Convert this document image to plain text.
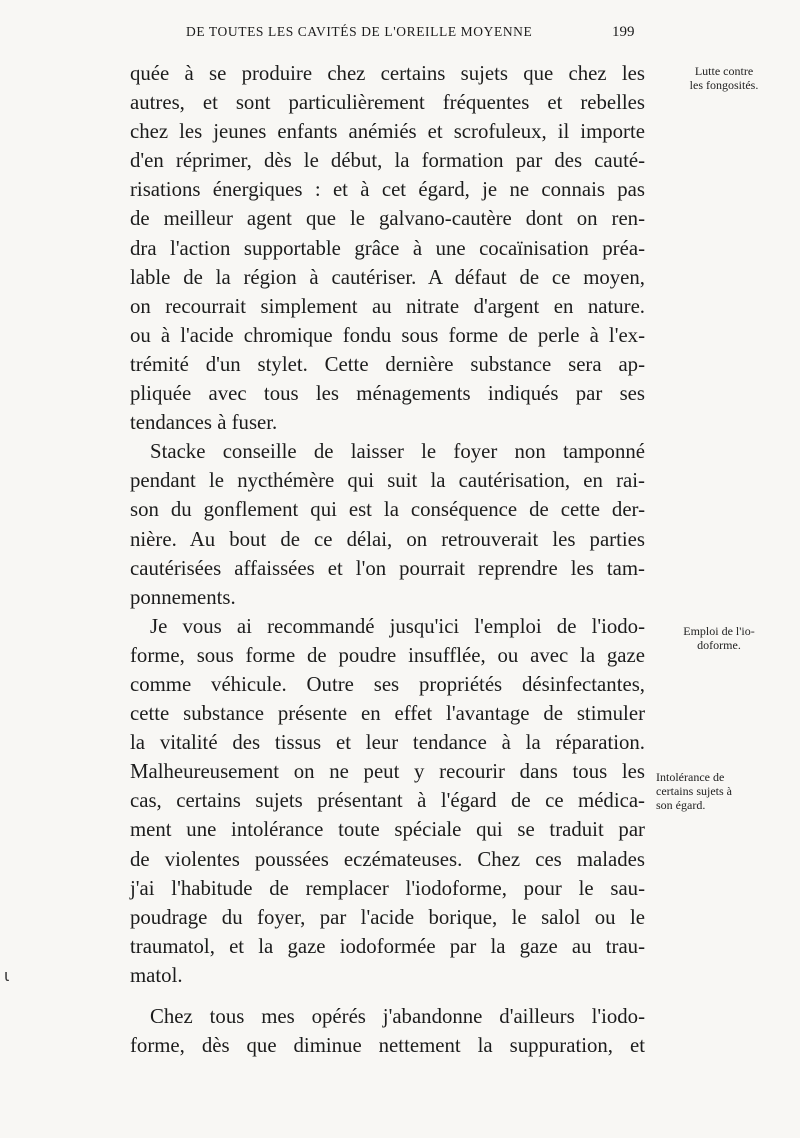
DE TOUTES LES CAVITÉS DE L'OREILLE MOYENNE	199
quée à se produire chez certains sujets que chez les
autres, et sont particulièrement fréquentes et rebelles
chez les jeunes enfants anémiés et scrofuleux, il importe
d'en réprimer, dès le début, la formation par des cauté-
risations énergiques : et à cet égard, je ne connais pas
de meilleur agent que le galvano-cautère dont on ren-
dra l'action supportable grâce à une cocaïnisation préa-
lable de la région à cautériser. A défaut de ce moyen,
on recourrait simplement au nitrate d'argent en nature.
ou à l'acide chromique fondu sous forme de perle à l'ex-
trémité d'un stylet. Cette dernière substance sera ap-
pliquée avec tous les ménagements indiqués par ses
tendances à fuser.
Stacke conseille de laisser le foyer non tamponné
pendant le nycthémère qui suit la cautérisation, en rai-
son du gonflement qui est la conséquence de cette der-
nière. Au bout de ce délai, on retrouverait les parties
cautérisées affaissées et l'on pourrait reprendre les tam-
ponnements.
Je vous ai recommandé jusqu'ici l'emploi de l'iodo-
forme, sous forme de poudre insufflée, ou avec la gaze
comme véhicule. Outre ses propriétés désinfectantes,
cette substance présente en effet l'avantage de stimuler
la vitalité des tissus et leur tendance à la réparation.
Malheureusement on ne peut y recourir dans tous les
cas, certains sujets présentant à l'égard de ce médica-
ment une intolérance toute spéciale qui se traduit par
de violentes poussées eczémateuses. Chez ces malades
j'ai l'habitude de remplacer l'iodoforme, pour le sau-
poudrage du foyer, par l'acide borique, le salol ou le
traumatol, et la gaze iodoformée par la gaze au trau-
matol.
Chez tous mes opérés j'abandonne d'ailleurs l'iodo-
forme, dès que diminue nettement la suppuration, et
Lutte contre
les fongosités.
Emploi de l'io-
doforme.
Intolérance de
certains sujets à
son égard.
ɩ
